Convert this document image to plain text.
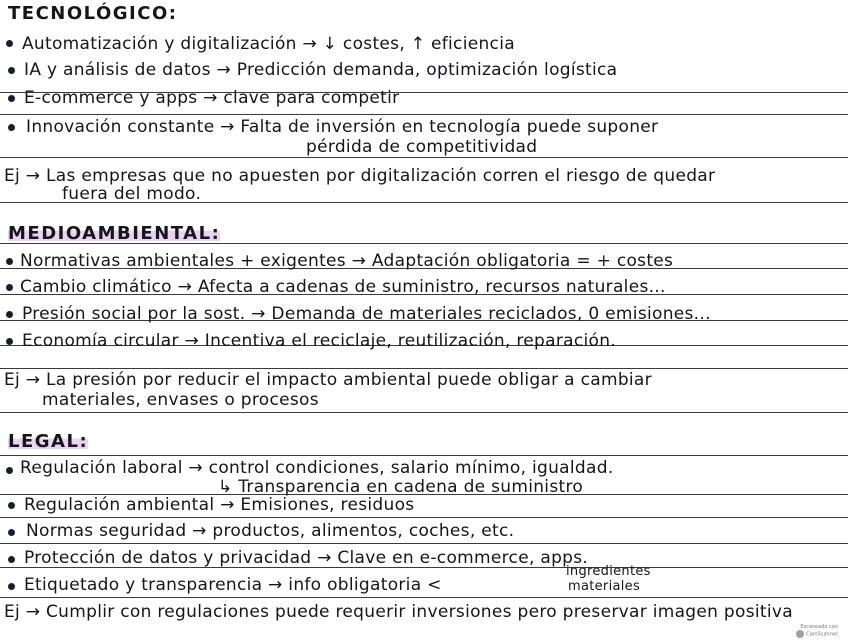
TECNOLÓGICO:
Automatización y digitalización → ↓ costes, ↑ eficiencia
IA y análisis de datos → Predicción demanda, optimización logística
E-commerce y apps → clave para competir
Innovación constante → Falta de inversión en tecnología puede suponer
pérdida de competitividad
Ej → Las empresas que no apuesten por digitalización corren el riesgo de quedar
fuera del modo.
MEDIOAMBIENTAL:
Normativas ambientales + exigentes → Adaptación obligatoria = + costes
Cambio climático → Afecta a cadenas de suministro, recursos naturales...
Presión social por la sost. → Demanda de materiales reciclados, 0 emisiones...
Economía circular → Incentiva el reciclaje, reutilización, reparación.
Ej → La presión por reducir el impacto ambiental puede obligar a cambiar
materiales, envases o procesos
LEGAL:
Regulación laboral → control condiciones, salario mínimo, igualdad.
↳ Transparencia en cadena de suministro
Regulación ambiental → Emisiones, residuos
Normas seguridad → productos, alimentos, coches, etc.
Protección de datos y privacidad → Clave en e-commerce, apps.
Etiquetado y transparencia → info obligatoria <
ingredientes
materiales
Ej → Cumplir con regulaciones puede requerir inversiones pero preservar imagen positiva
Escaneado con
CamScanner
